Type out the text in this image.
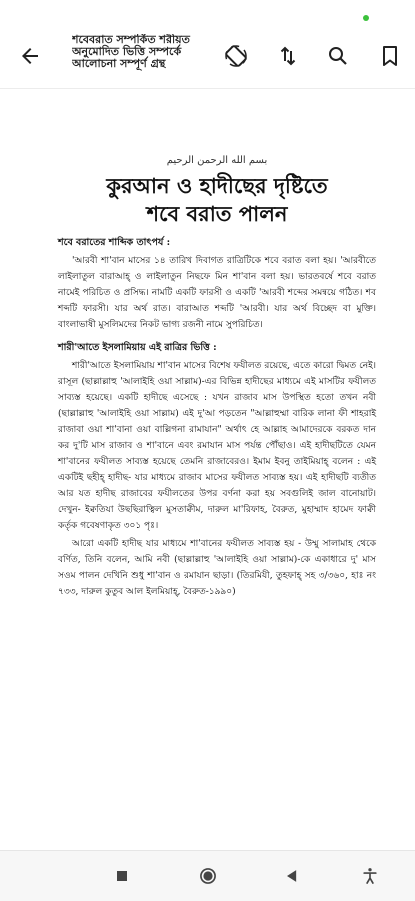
শবেবরাত সম্পর্কিত শরীয়ত অনুমোদিত ভিত্তি সম্পর্কে আলোচনা সম্পূর্ণ গ্রন্থ
بسم الله الرحمن الرحيم
কুরআন ও হাদীছের দৃষ্টিতে
শবে বরাত পালন
শবে বরাতের শাব্দিক তাৎপর্য :

'আরবী শা'বান মাসের ১৪ তারিখ দিবাগত রাত্রিটিকে শবে বরাত বলা হয়। 'আরবীতে লাইলাতুল বারাআহ্ ও লাইলাতুন নিছফে মিন শা'বান বলা হয়। ভারতবর্ষে শবে বরাত নামেই পরিচিত ও প্রসিদ্ধ। নামটি একটি ফারসী ও একটি 'আরবী শব্দের সমন্বয়ে গঠিত। শব শব্দটি ফারসী। যার অর্থ রাত। বারাআত শব্দটি 'আরবী। যার অর্থ বিচ্ছেদ বা মুক্তি। বাংলাভাষী মুসলিমদের নিকট ভাগ্য রজনী নামে সুপরিচিত।

শারী'আতে ইসলামিয়ায় এই রাত্রির ভিত্তি :

শারী'আতে ইসলামিয়ায় শা'বান মাসের বিশেষ ফযীলত রয়েছে, এতে কারো দ্বিমত নেই। রাসূল (ছাল্লাল্লাহু 'আলাইহি ওয়া সাল্লাম)-এর বিভিন্ন হাদীছের মাধ্যমে এই মাসটির ফযীলত সাব্যস্ত হয়েছে। একটি হাদীছে এসেছে : যখন রাজাব মাস উপস্থিত হতো তখন নবী (ছাল্লাল্লাহু 'আলাইহি ওয়া সাল্লাম) এই দু'আ পড়তেন "আল্লাহুম্মা বারিক লানা ফী শাহরাই রাজাবা ওয়া শা'বানা ওয়া বাল্লিগনা রামাযান" অর্থাৎ হে আল্লাহ আমাদেরকে বরকত দান কর দু'টি মাস রাজাব ও শা'বানে এবং রমাযান মাস পর্যন্ত পৌঁছাও। এই হাদীছটিতে যেমন শা'বানের ফযীলত সাব্যস্ত হয়েছে তেমনি রাজাবেরও। ইমাম ইবনু তাইমিয়াহ্ বলেন : এই একটিই ছহীহ্ হাদীছ- যার মাধ্যমে রাজাব মাসের ফযীলত সাব্যস্ত হয়। এই হাদীছটি ব্যতীত আর যত হাদীছ রাজাবের ফযীলতের উপর বর্ণনা করা হয় সবগুলিই জাল বানোয়াট। দেখুন- ইক্বতিযা উছছিরাত্বিল মুসতাক্বীম, দারুল মা'রিফাহ, বৈরুত, মুহাম্মাদ হামেদ ফাক্বী কর্তৃক গবেষণাকৃত ৩০১ পৃঃ।

আরো একটি হাদীছ যার মাধ্যমে শা'বানের ফযীলত সাব্যস্ত হয় - উম্মু সালামাহ থেকে বর্ণিত, তিনি বলেন, আমি নবী (ছাল্লাল্লাহু 'আলাইহি ওয়া সাল্লাম)-কে একাধারে দু' মাস সওম পালন দেখিনি শুধু শা'বান ও রমাযান ছাড়া। (তিরমিযী, তুহফাহ্ সহ ৩/৩৬০, হাঃ নং ৭৩৩, দারুল কুতুব আল ইলমিয়াহ্, বৈরুত-১৯৯০)
